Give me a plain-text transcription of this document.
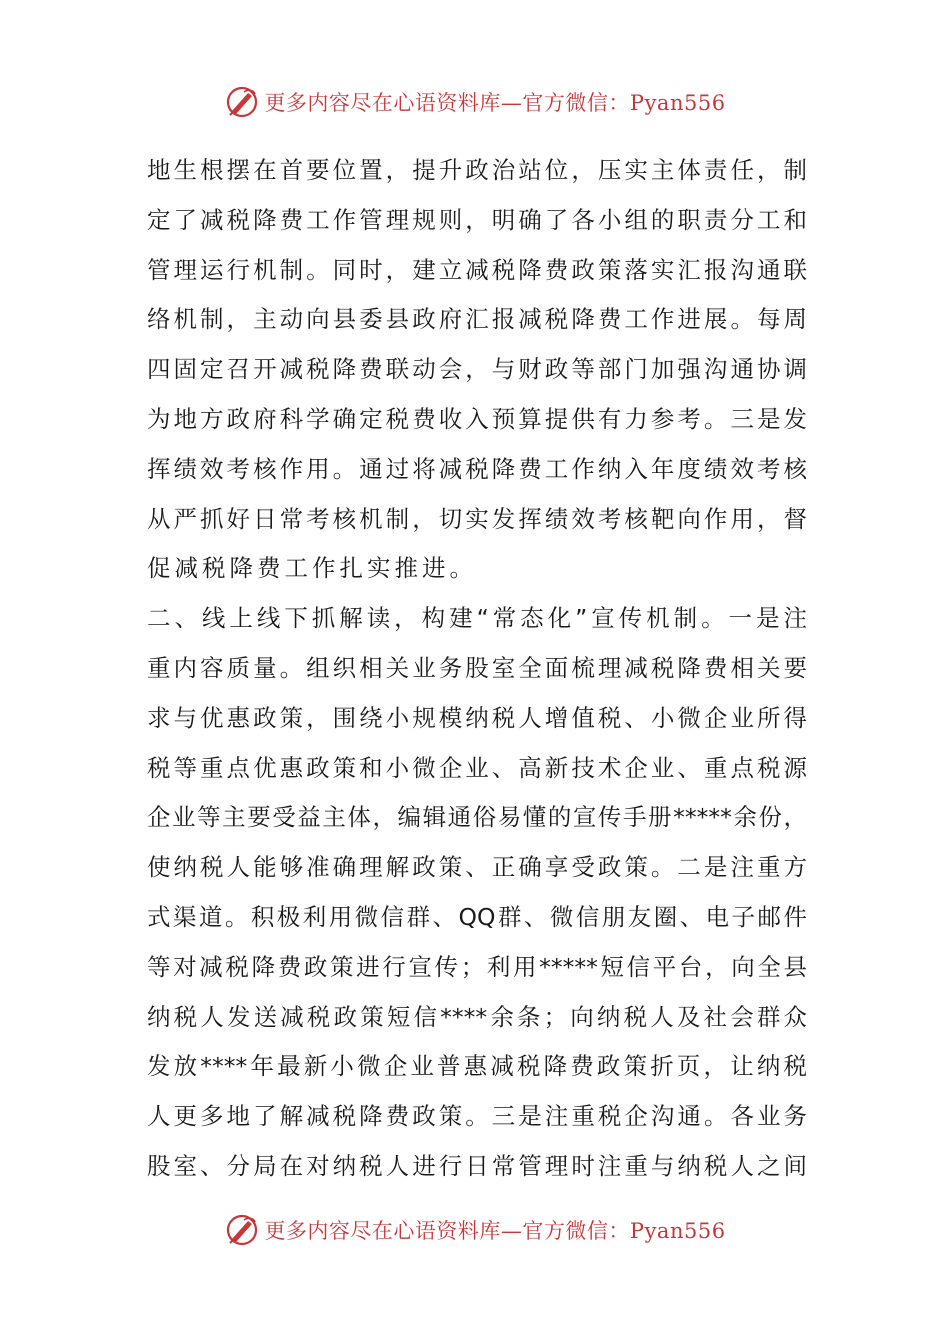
更多内容尽在心语资料库—官方微信：Pyan556
地生根摆在首要位置，提升政治站位，压实主体责任，制
定了减税降费工作管理规则，明确了各小组的职责分工和
管理运行机制。同时，建立减税降费政策落实汇报沟通联
络机制，主动向县委县政府汇报减税降费工作进展。每周
四固定召开减税降费联动会，与财政等部门加强沟通协调
为地方政府科学确定税费收入预算提供有力参考。三是发
挥绩效考核作用。通过将减税降费工作纳入年度绩效考核
从严抓好日常考核机制，切实发挥绩效考核靶向作用，督
促减税降费工作扎实推进。
二、线上线下抓解读，构建“常态化”宣传机制。一是注
重内容质量。组织相关业务股室全面梳理减税降费相关要
求与优惠政策，围绕小规模纳税人增值税、小微企业所得
税等重点优惠政策和小微企业、高新技术企业、重点税源
企业等主要受益主体，编辑通俗易懂的宣传手册*****余份，
使纳税人能够准确理解政策、正确享受政策。二是注重方
式渠道。积极利用微信群、QQ群、微信朋友圈、电子邮件
等对减税降费政策进行宣传；利用*****短信平台，向全县
纳税人发送减税政策短信****余条；向纳税人及社会群众
发放****年最新小微企业普惠减税降费政策折页，让纳税
人更多地了解减税降费政策。三是注重税企沟通。各业务
股室、分局在对纳税人进行日常管理时注重与纳税人之间
更多内容尽在心语资料库—官方微信：Pyan556
